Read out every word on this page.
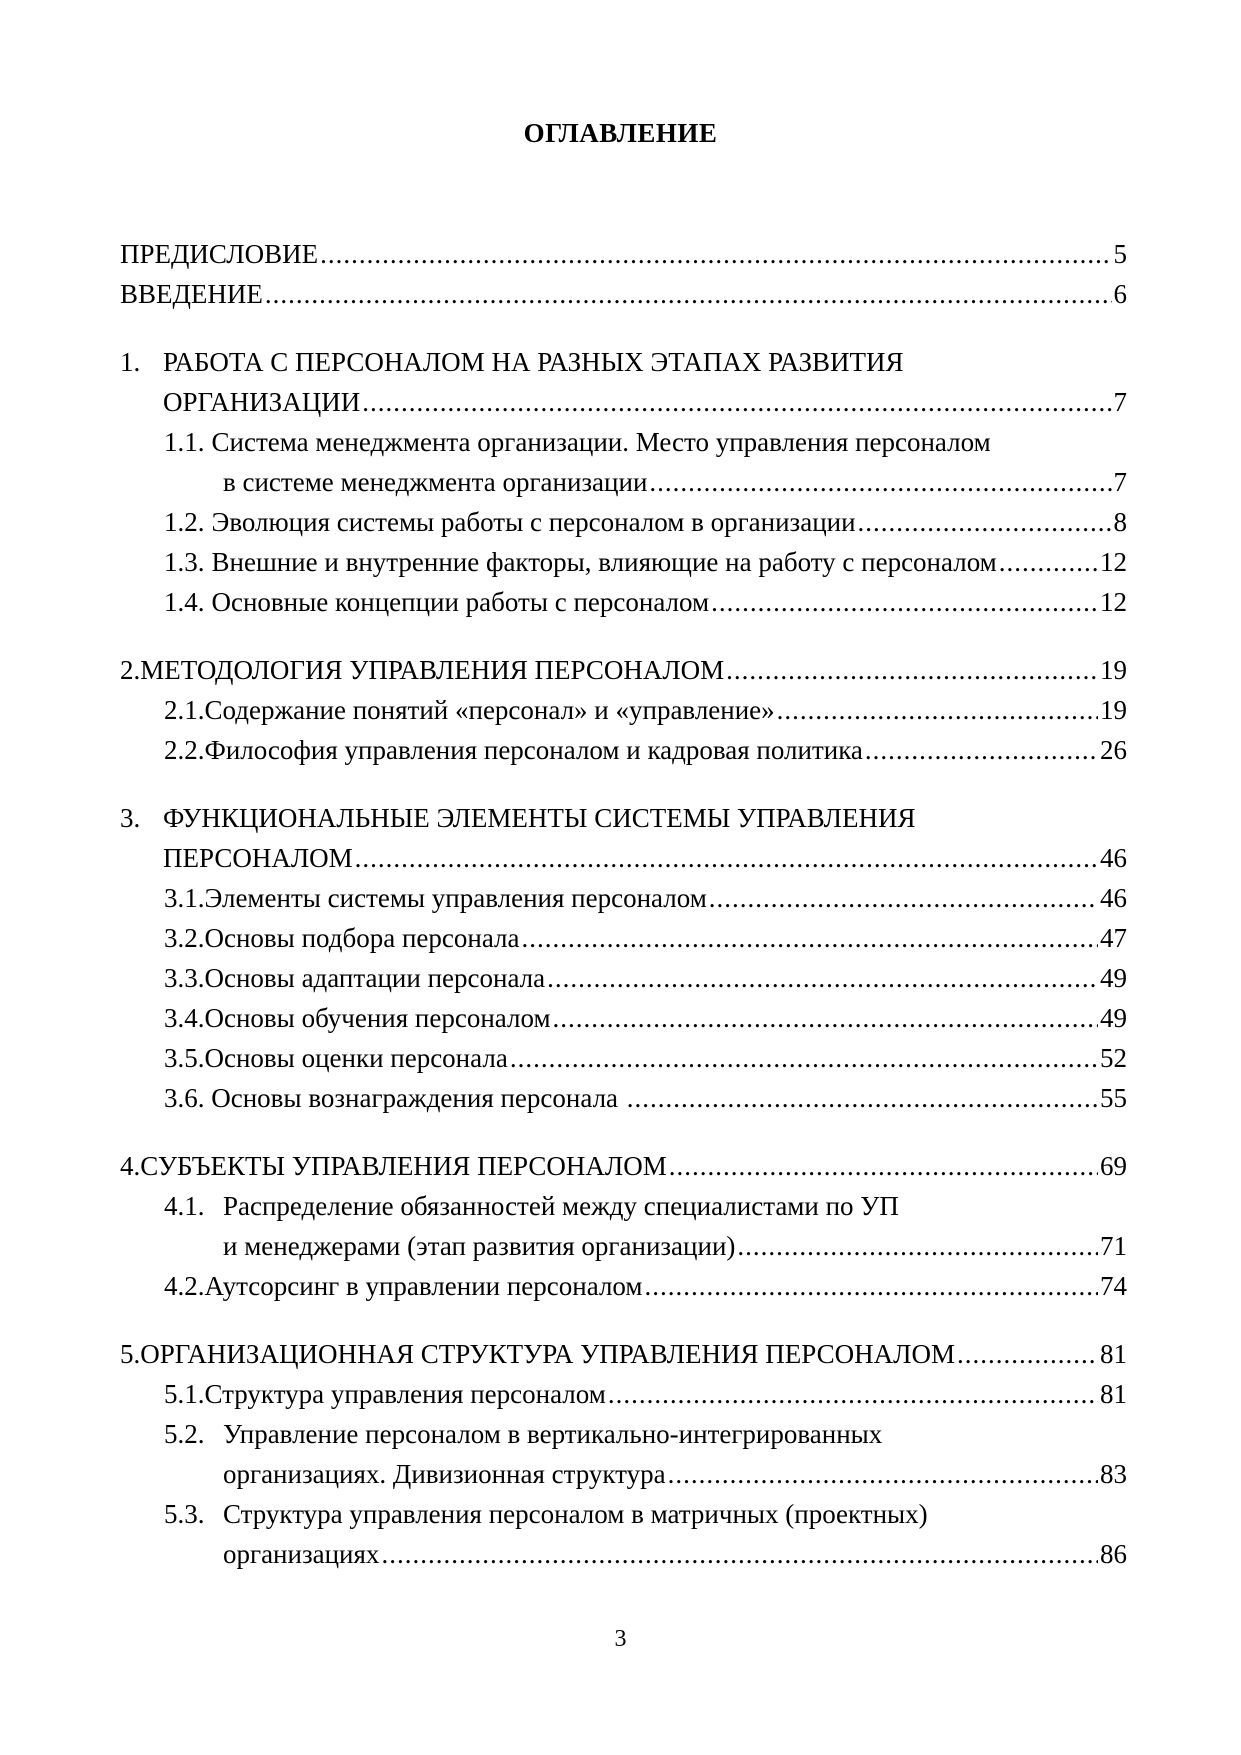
ОГЛАВЛЕНИЕ
ПРЕДИСЛОВИЕ .....	5
ВВЕДЕНИЕ .....	6
1. РАБОТА С ПЕРСОНАЛОМ НА РАЗНЫХ ЭТАПАХ РАЗВИТИЯ
ОРГАНИЗАЦИИ .....	7
1.1. Система менеджмента организации. Место управления персоналом
в системе менеджмента организации .....	7
1.2. Эволюция системы работы с персоналом в организации .....	8
1.3. Внешние и внутренние факторы, влияющие на работу с персоналом .....	12
1.4. Основные концепции работы с персоналом .....	12
2. МЕТОДОЛОГИЯ УПРАВЛЕНИЯ ПЕРСОНАЛОМ .....	19
2.1. Содержание понятий «персонал» и «управление» .....	19
2.2. Философия управления персоналом и кадровая политика .....	26
3. ФУНКЦИОНАЛЬНЫЕ ЭЛЕМЕНТЫ СИСТЕМЫ УПРАВЛЕНИЯ
ПЕРСОНАЛОМ .....	46
3.1. Элементы системы управления персоналом .....	46
3.2. Основы подбора персонала .....	47
3.3. Основы адаптации персонала .....	49
3.4. Основы обучения персоналом .....	49
3.5. Основы оценки персонала .....	52
3.6. Основы вознаграждения персонала .....	55
4. СУБЪЕКТЫ УПРАВЛЕНИЯ ПЕРСОНАЛОМ .....	69
4.1. Распределение обязанностей между специалистами по УП
и менеджерами (этап развития организации) .....	71
4.2. Аутсорсинг в управлении персоналом .....	74
5. ОРГАНИЗАЦИОННАЯ СТРУКТУРА УПРАВЛЕНИЯ ПЕРСОНАЛОМ .....	81
5.1. Структура управления персоналом .....	81
5.2. Управление персоналом в вертикально-интегрированных
организациях. Дивизионная структура .....	83
5.3. Структура управления персоналом в матричных (проектных)
организациях .....	86
3
